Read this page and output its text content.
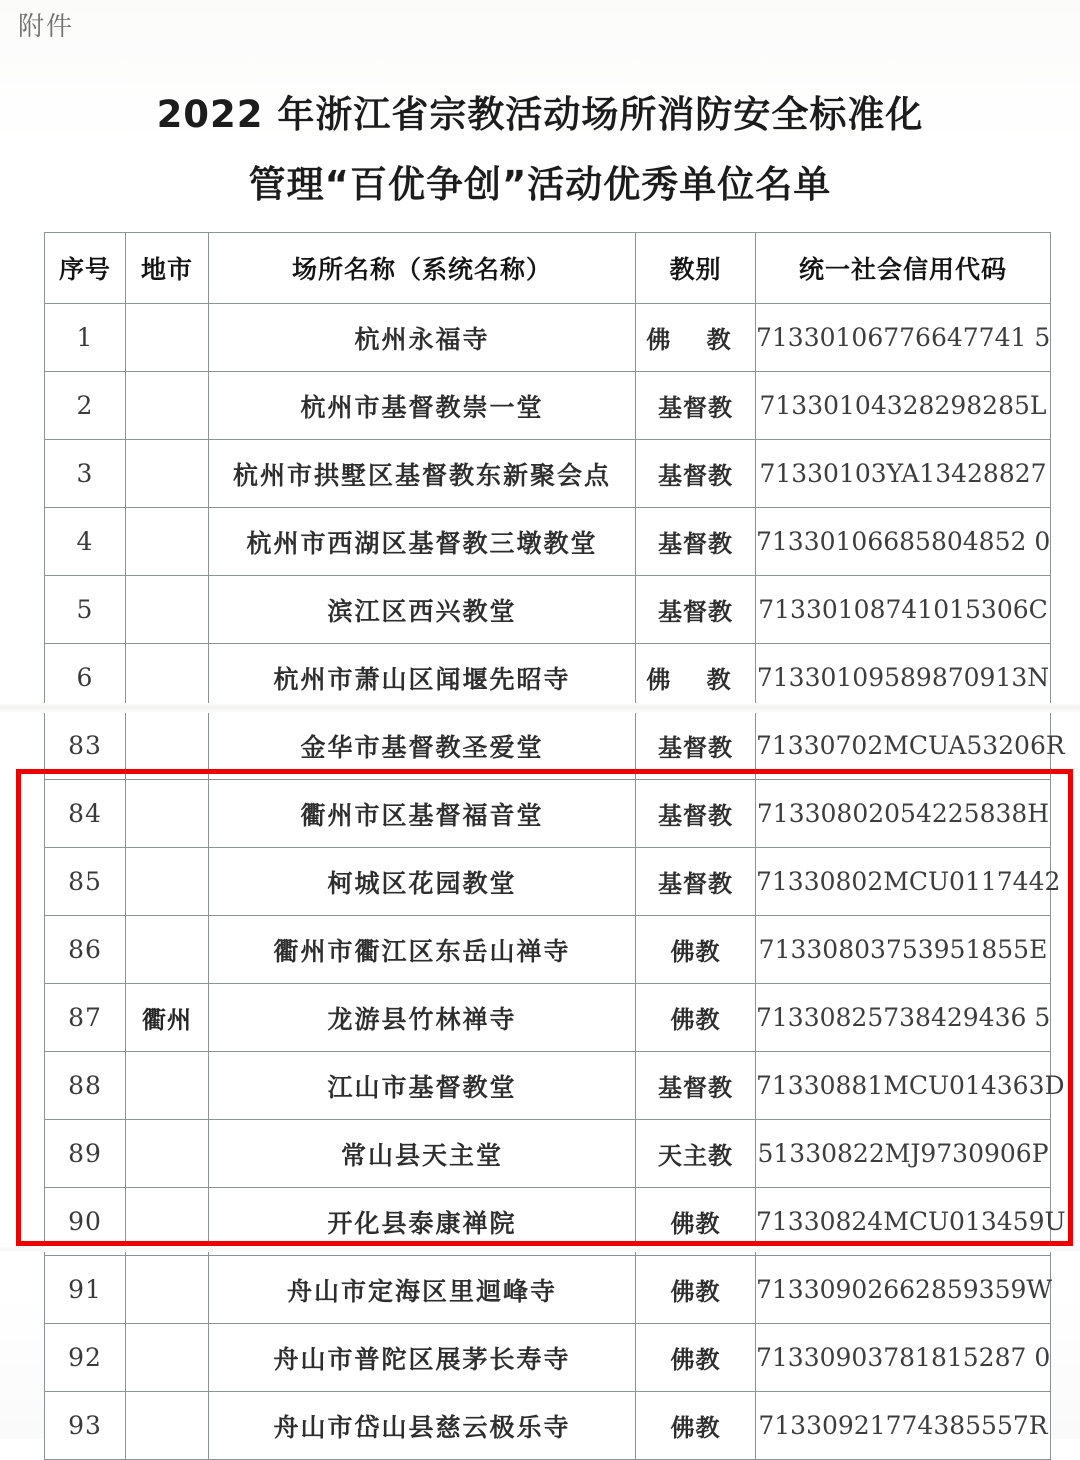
附件
2022 年浙江省宗教活动场所消防安全标准化
管理“百优争创”活动优秀单位名单
序号	地市	场所名称（系统名称）	教别	统一社会信用代码
1		杭州永福寺	佛 教	71330106776647741 5
2		杭州市基督教崇一堂	基督教	71330104328298285L
3		杭州市拱墅区基督教东新聚会点	基督教	71330103YA13428827
4		杭州市西湖区基督教三墩教堂	基督教	71330106685804852 0
5		滨江区西兴教堂	基督教	71330108741015306C
6		杭州市萧山区闻堰先昭寺	佛 教	71330109589870913N
83		金华市基督教圣爱堂	基督教	71330702MCUA53206R
84		衢州市区基督福音堂	基督教	71330802054225838H
85		柯城区花园教堂	基督教	71330802MCU0117442
86		衢州市衢江区东岳山禅寺	佛教	71330803753951855E
87	衢州	龙游县竹林禅寺	佛教	71330825738429436 5
88		江山市基督教堂	基督教	71330881MCU014363D
89		常山县天主堂	天主教	51330822MJ9730906P
90		开化县泰康禅院	佛教	71330824MCU013459U
91		舟山市定海区里迴峰寺	佛教	71330902662859359W
92		舟山市普陀区展茅长寿寺	佛教	71330903781815287 0
93		舟山市岱山县慈云极乐寺	佛教	71330921774385557R
